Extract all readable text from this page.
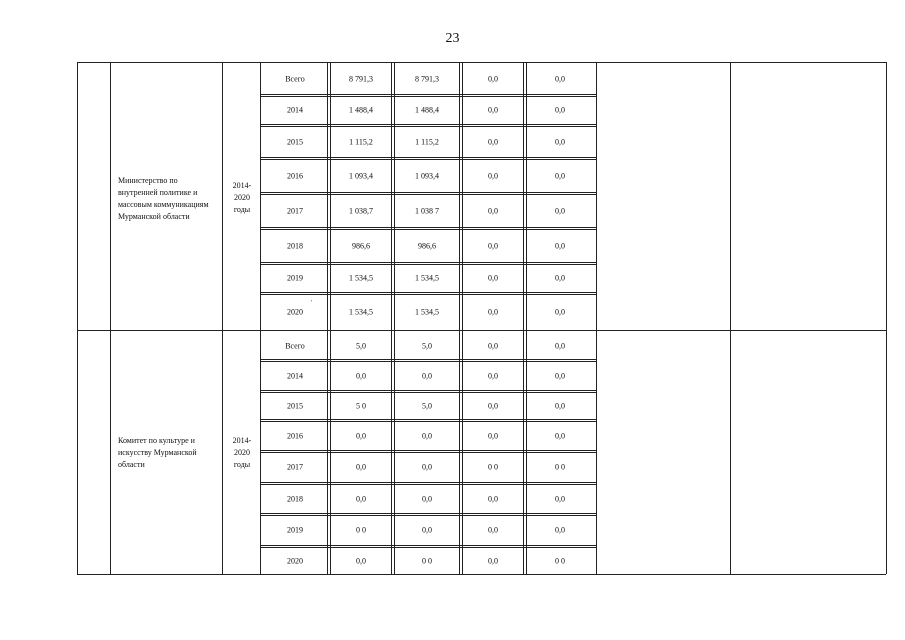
23
Министерство по внутренней политике и массовым коммуникациям Мурманской области
2014-
2020
годы
Комитет по культуре и искусству Мурманской области
2014-
2020
годы
'
Всего	8 791,3	8 791,3	0,0	0,0
2014	1 488,4	1 488,4	0,0	0,0
2015	1 115,2	1 115,2	0,0	0,0
2016	1 093,4	1 093,4	0,0	0,0
2017	1 038,7	1 038 7	0,0	0,0
2018	986,6	986,6	0,0	0,0
2019	1 534,5	1 534,5	0,0	0,0
2020	1 534,5	1 534,5	0,0	0,0
Всего	5,0	5,0	0,0	0,0
2014	0,0	0,0	0,0	0,0
2015	5 0	5,0	0,0	0,0
2016	0,0	0,0	0,0	0,0
2017	0,0	0,0	0 0	0 0
2018	0,0	0,0	0,0	0,0
2019	0 0	0,0	0,0	0,0
2020	0,0	0 0	0,0	0 0
